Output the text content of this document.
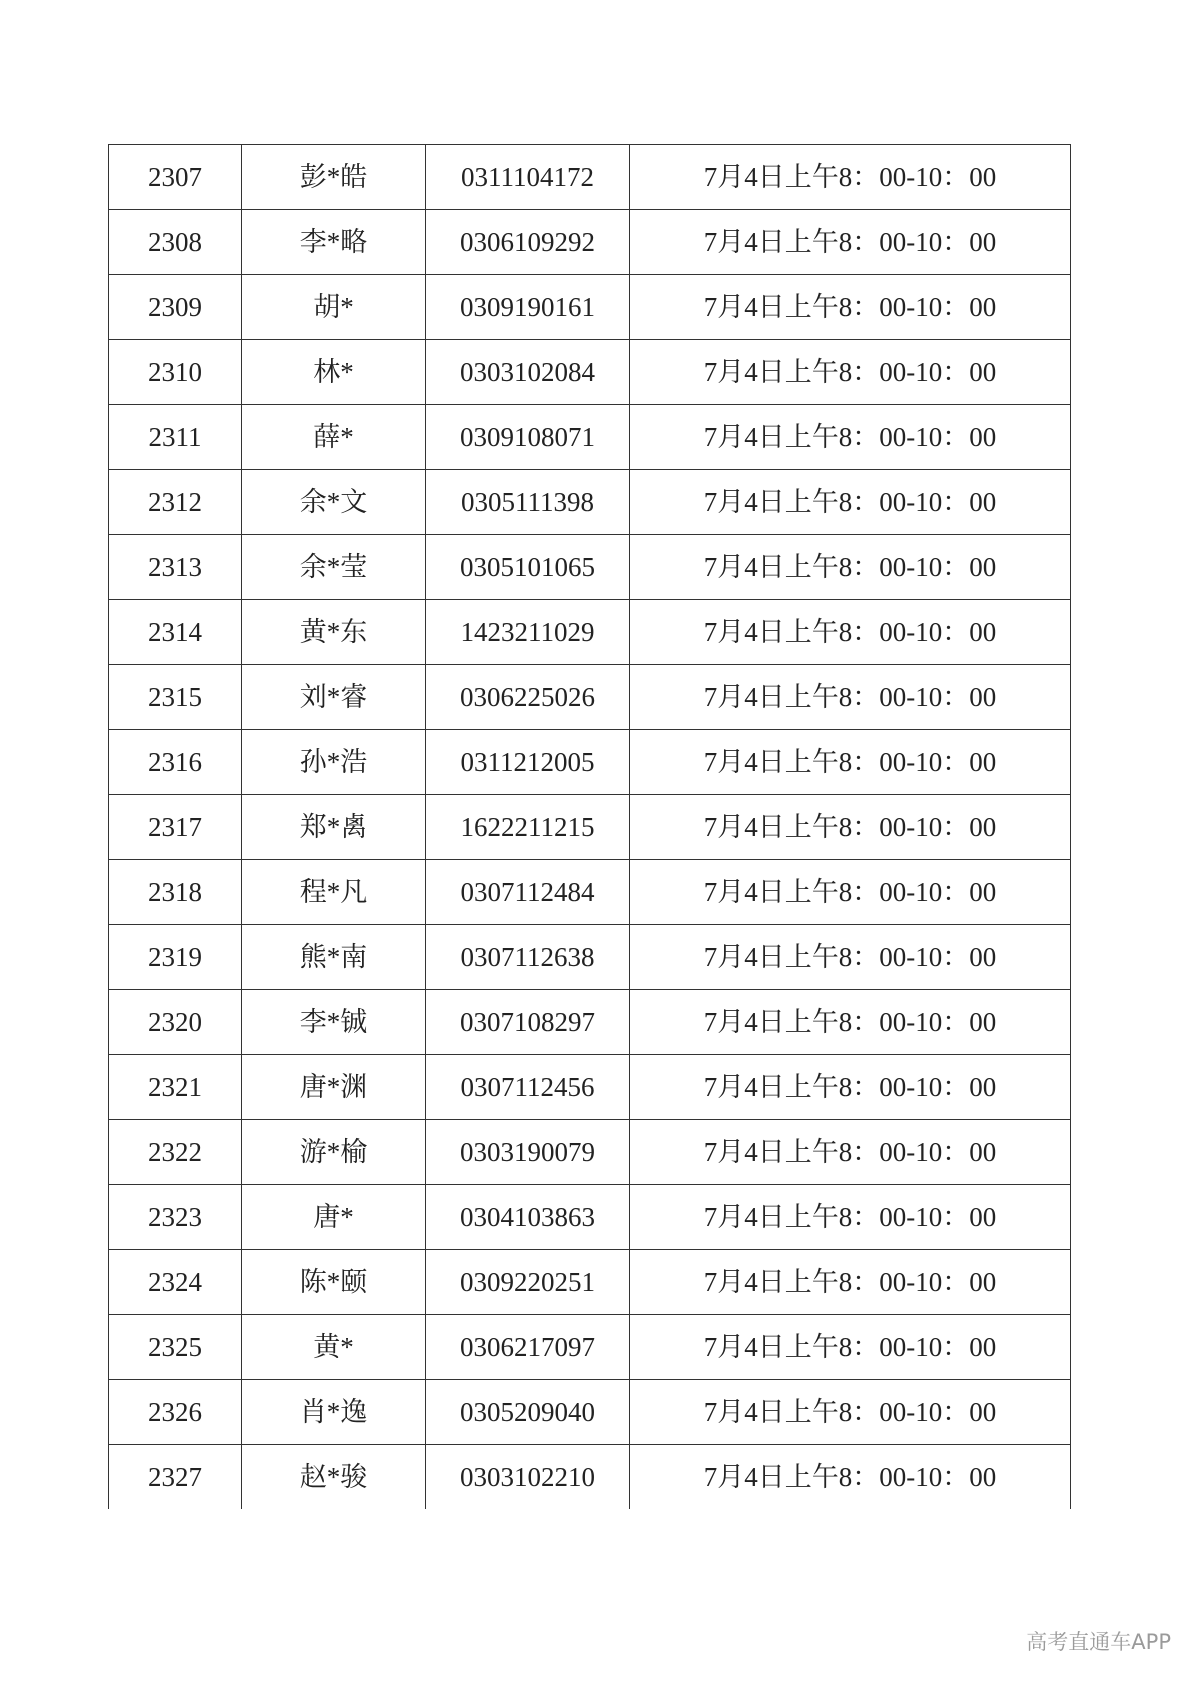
2307	彭*皓	0311104172	7月4日上午8：00-10：00
2308	李*略	0306109292	7月4日上午8：00-10：00
2309	胡*	0309190161	7月4日上午8：00-10：00
2310	林*	0303102084	7月4日上午8：00-10：00
2311	薛*	0309108071	7月4日上午8：00-10：00
2312	余*文	0305111398	7月4日上午8：00-10：00
2313	余*莹	0305101065	7月4日上午8：00-10：00
2314	黄*东	1423211029	7月4日上午8：00-10：00
2315	刘*睿	0306225026	7月4日上午8：00-10：00
2316	孙*浩	0311212005	7月4日上午8：00-10：00
2317	郑*禼	1622211215	7月4日上午8：00-10：00
2318	程*凡	0307112484	7月4日上午8：00-10：00
2319	熊*南	0307112638	7月4日上午8：00-10：00
2320	李*铖	0307108297	7月4日上午8：00-10：00
2321	唐*渊	0307112456	7月4日上午8：00-10：00
2322	游*榆	0303190079	7月4日上午8：00-10：00
2323	唐*	0304103863	7月4日上午8：00-10：00
2324	陈*颐	0309220251	7月4日上午8：00-10：00
2325	黄*	0306217097	7月4日上午8：00-10：00
2326	肖*逸	0305209040	7月4日上午8：00-10：00
2327	赵*骏	0303102210	7月4日上午8：00-10：00
高考直通车APP
